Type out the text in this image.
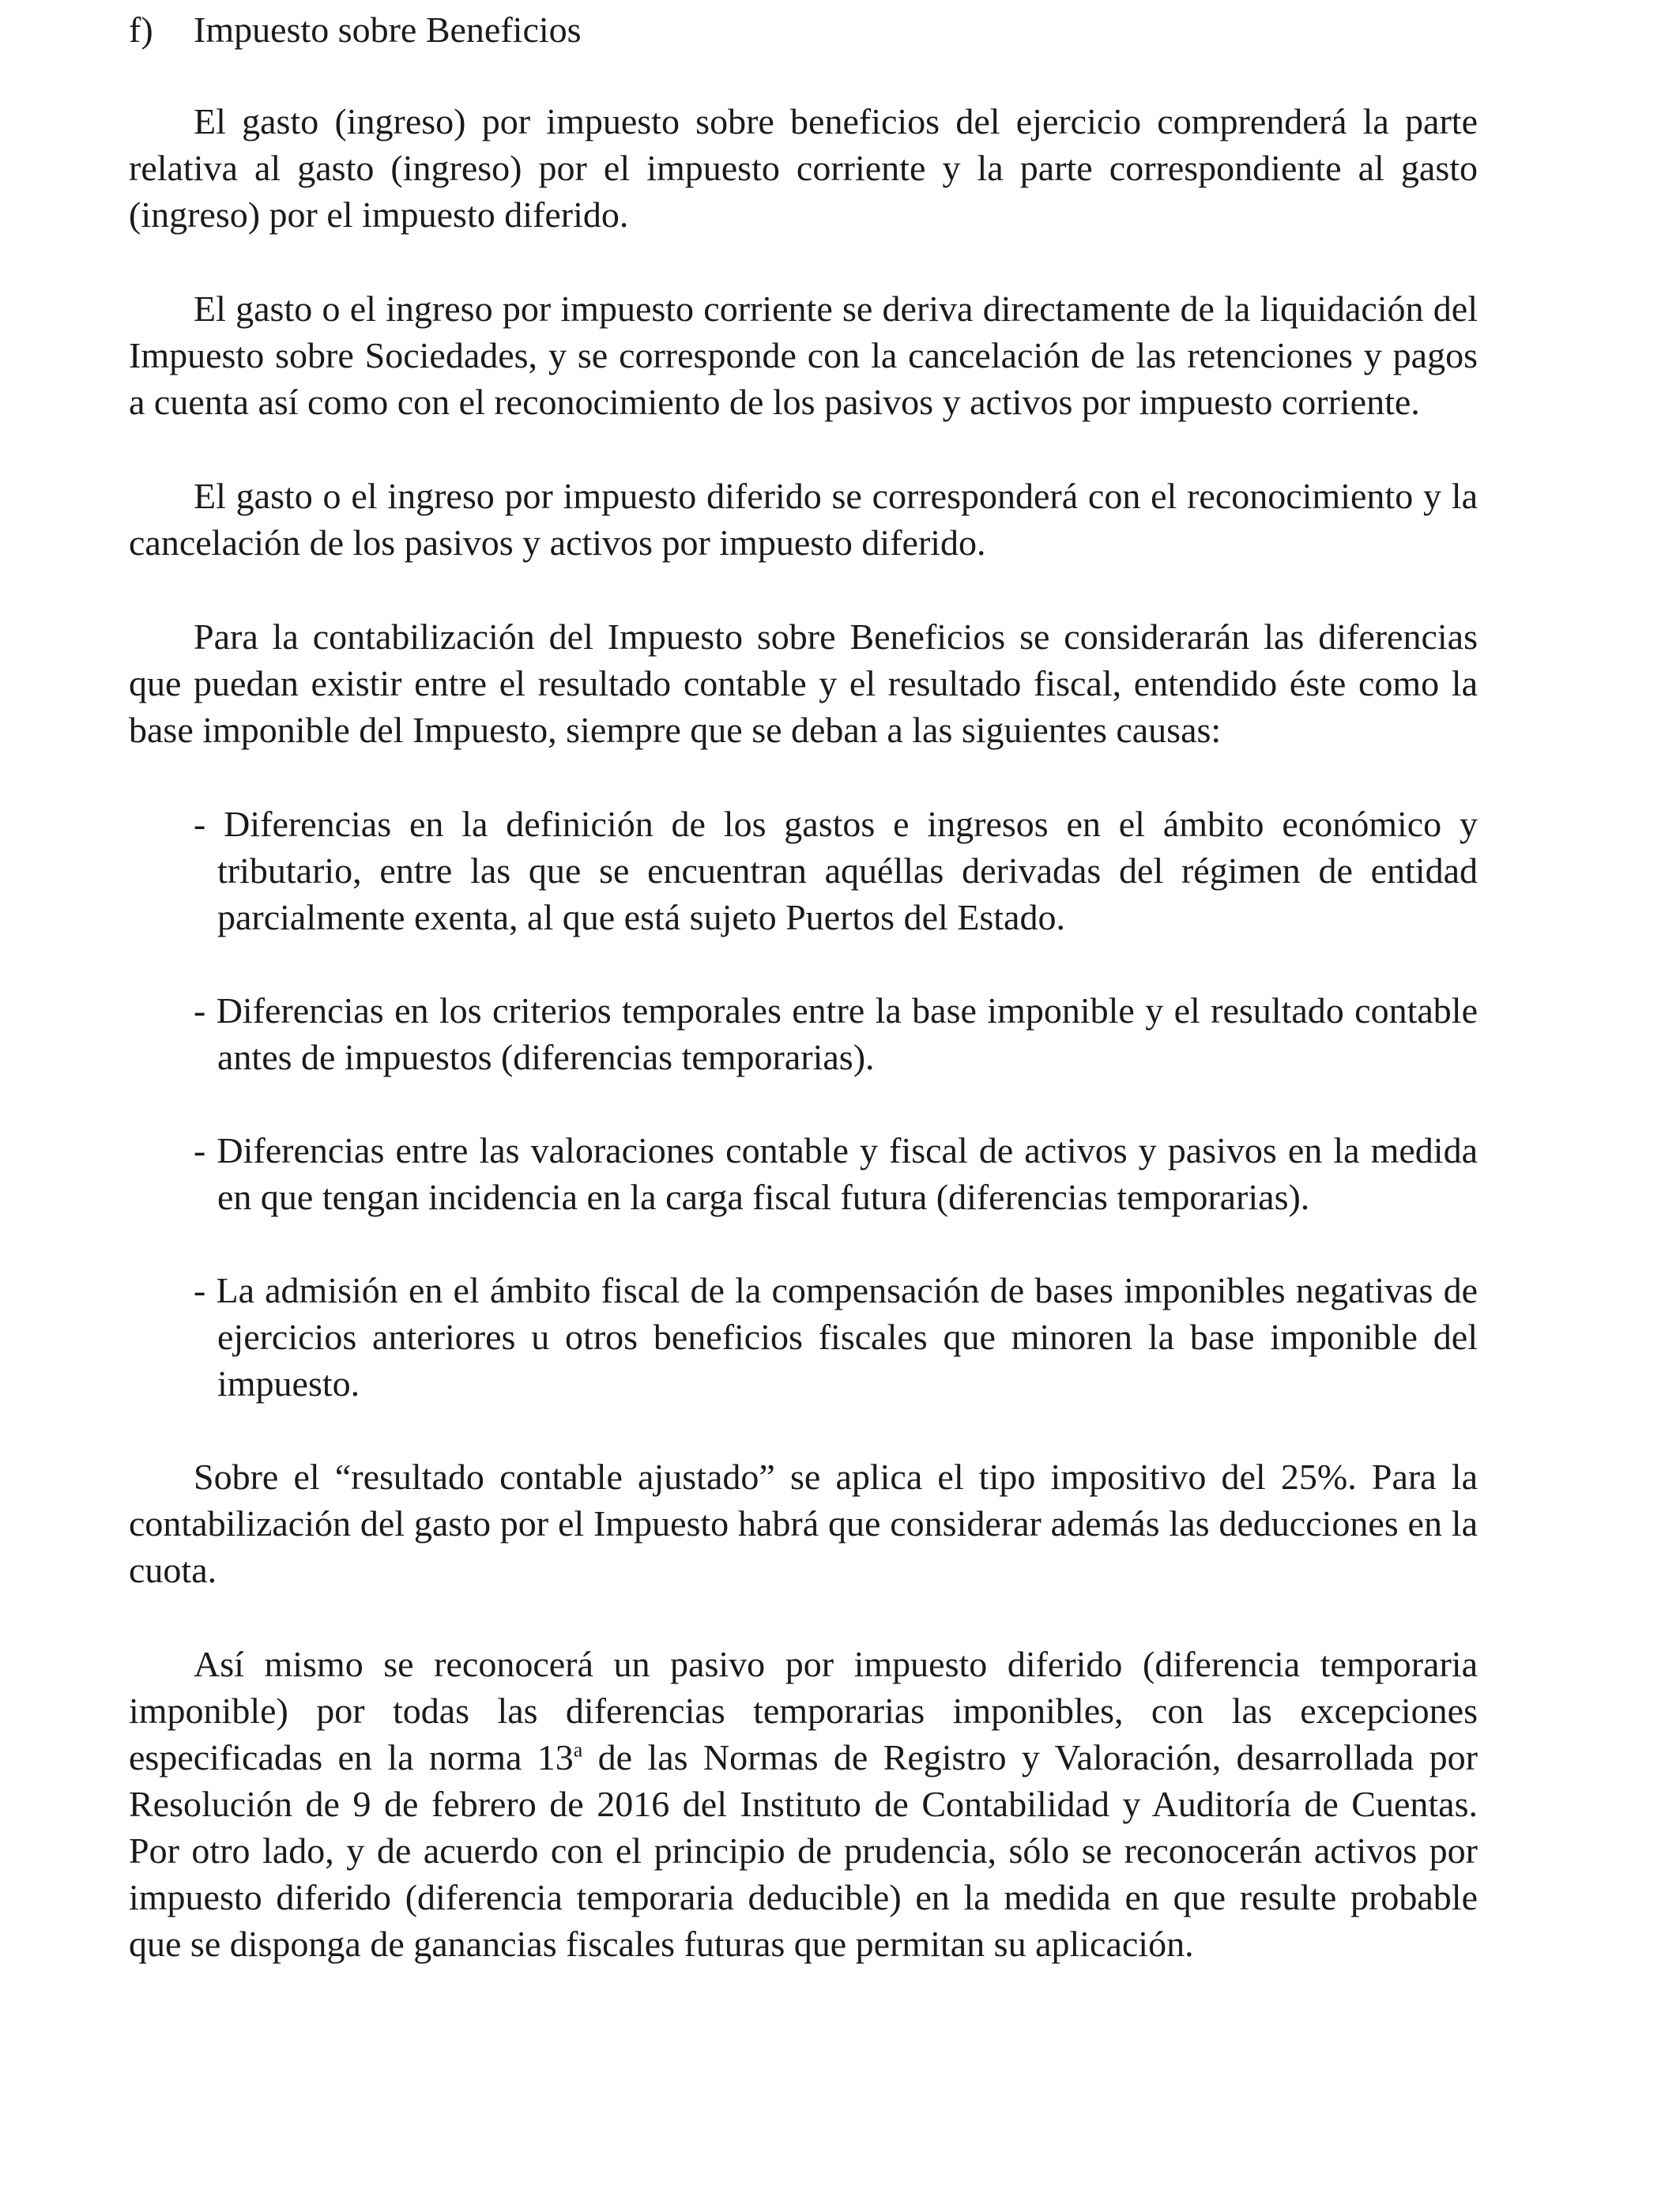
f)	Impuesto sobre Beneficios

El gasto (ingreso) por impuesto sobre beneficios del ejercicio comprenderá la parte relativa al gasto (ingreso) por el impuesto corriente y la parte correspondiente al gasto (ingreso) por el impuesto diferido.

El gasto o el ingreso por impuesto corriente se deriva directamente de la liquidación del Impuesto sobre Sociedades, y se corresponde con la cancelación de las retenciones y pagos a cuenta así como con el reconocimiento de los pasivos y activos por impuesto corriente.

El gasto o el ingreso por impuesto diferido se corresponderá con el reconocimiento y la cancelación de los pasivos y activos por impuesto diferido.

Para la contabilización del Impuesto sobre Beneficios se considerarán las diferencias que puedan existir entre el resultado contable y el resultado fiscal, entendido éste como la base imponible del Impuesto, siempre que se deban a las siguientes causas:

- Diferencias en la definición de los gastos e ingresos en el ámbito económico y tributario, entre las que se encuentran aquéllas derivadas del régimen de entidad parcialmente exenta, al que está sujeto Puertos del Estado.
- Diferencias en los criterios temporales entre la base imponible y el resultado contable antes de impuestos (diferencias temporarias).
- Diferencias entre las valoraciones contable y fiscal de activos y pasivos en la medida en que tengan incidencia en la carga fiscal futura (diferencias temporarias).
- La admisión en el ámbito fiscal de la compensación de bases imponibles negativas de ejercicios anteriores u otros beneficios fiscales que minoren la base imponible del impuesto.

Sobre el “resultado contable ajustado” se aplica el tipo impositivo del 25%. Para la contabilización del gasto por el Impuesto habrá que considerar además las deducciones en la cuota.

Así mismo se reconocerá un pasivo por impuesto diferido (diferencia temporaria imponible) por todas las diferencias temporarias imponibles, con las excepciones especificadas en la norma 13$^a$ de las Normas de Registro y Valoración, desarrollada por Resolución de 9 de febrero de 2016 del Instituto de Contabilidad y Auditoría de Cuentas. Por otro lado, y de acuerdo con el principio de prudencia, sólo se reconocerán activos por impuesto diferido (diferencia temporaria deducible) en la medida en que resulte probable que se disponga de ganancias fiscales futuras que permitan su aplicación.
